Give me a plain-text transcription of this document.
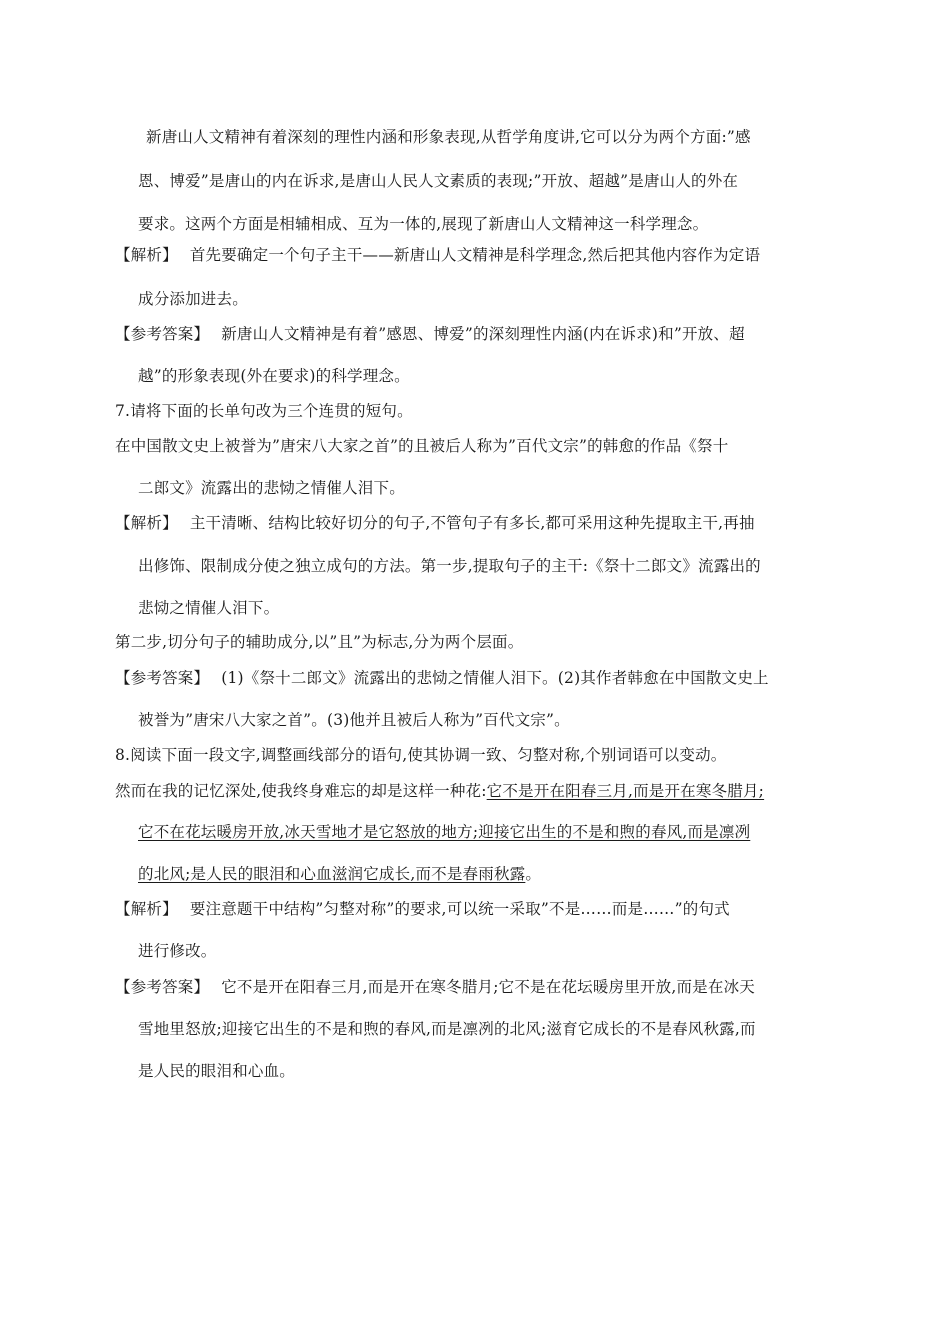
新唐山人文精神有着深刻的理性内涵和形象表现,从哲学角度讲,它可以分为两个方面:”感
恩、博爱”是唐山的内在诉求,是唐山人民人文素质的表现;”开放、超越”是唐山人的外在
要求。这两个方面是相辅相成、互为一体的,展现了新唐山人文精神这一科学理念。
【解析】 首先要确定一个句子主干——新唐山人文精神是科学理念,然后把其他内容作为定语
成分添加进去。
【参考答案】 新唐山人文精神是有着”感恩、博爱”的深刻理性内涵(内在诉求)和”开放、超
越”的形象表现(外在要求)的科学理念。
7.请将下面的长单句改为三个连贯的短句。
在中国散文史上被誉为”唐宋八大家之首”的且被后人称为”百代文宗”的韩愈的作品《祭十
二郎文》流露出的悲恸之情催人泪下。
【解析】 主干清晰、结构比较好切分的句子,不管句子有多长,都可采用这种先提取主干,再抽
出修饰、限制成分使之独立成句的方法。第一步,提取句子的主干:《祭十二郎文》流露出的
悲恸之情催人泪下。
第二步,切分句子的辅助成分,以”且”为标志,分为两个层面。
【参考答案】 (1)《祭十二郎文》流露出的悲恸之情催人泪下。(2)其作者韩愈在中国散文史上
被誉为”唐宋八大家之首”。(3)他并且被后人称为”百代文宗”。
8.阅读下面一段文字,调整画线部分的语句,使其协调一致、匀整对称,个别词语可以变动。
然而在我的记忆深处,使我终身难忘的却是这样一种花:它不是开在阳春三月,而是开在寒冬腊月;
它不在花坛暖房开放,冰天雪地才是它怒放的地方;迎接它出生的不是和煦的春风,而是凛冽
的北风;是人民的眼泪和心血滋润它成长,而不是春雨秋露。
【解析】 要注意题干中结构”匀整对称”的要求,可以统一采取”不是……而是……”的句式
进行修改。
【参考答案】 它不是开在阳春三月,而是开在寒冬腊月;它不是在花坛暖房里开放,而是在冰天
雪地里怒放;迎接它出生的不是和煦的春风,而是凛冽的北风;滋育它成长的不是春风秋露,而
是人民的眼泪和心血。
